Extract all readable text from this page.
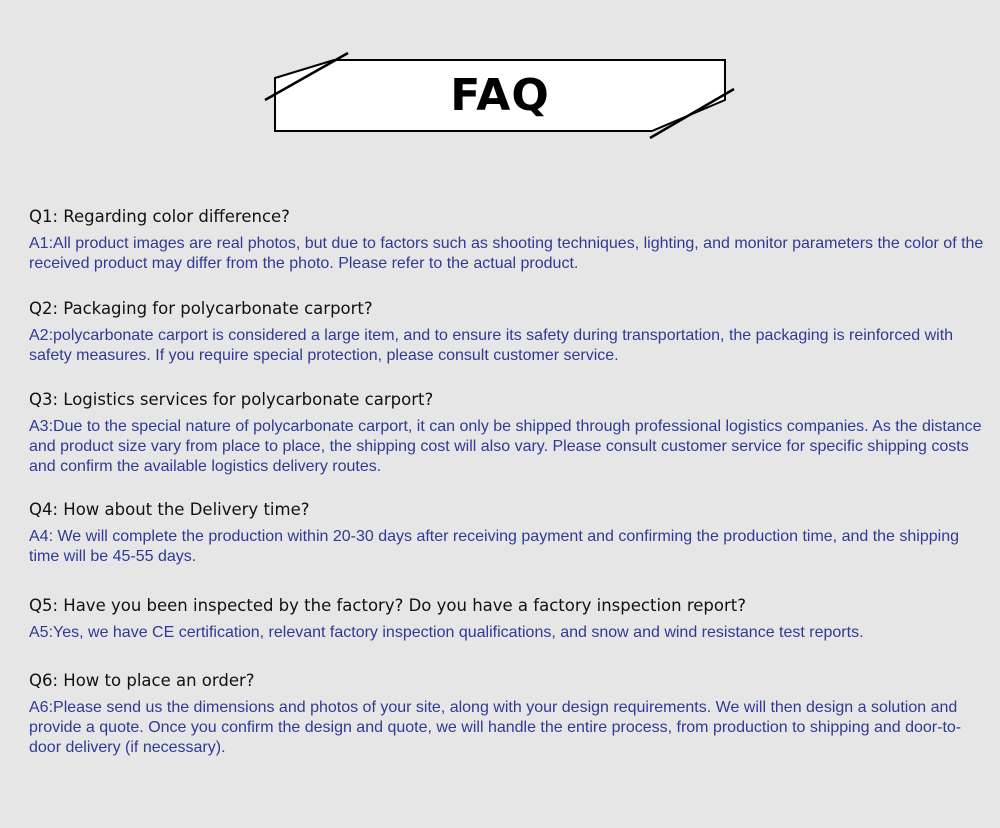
FAQ

Q1: Regarding color difference?

A1:All product images are real photos, but due to factors such as shooting techniques, lighting, and monitor parameters the color of the received product may differ from the photo. Please refer to the actual product.

Q2: Packaging for polycarbonate carport?

A2:polycarbonate carport is considered a large item, and to ensure its safety during transportation, the packaging is reinforced with safety measures. If you require special protection, please consult customer service.

Q3: Logistics services for polycarbonate carport?

A3:Due to the special nature of polycarbonate carport, it can only be shipped through professional logistics companies. As the distance and product size vary from place to place, the shipping cost will also vary. Please consult customer service for specific shipping costs and confirm the available logistics delivery routes.

Q4: How about the Delivery time?

A4: We will complete the production within 20-30 days after receiving payment and confirming the production time, and the shipping time will be 45-55 days.

Q5: Have you been inspected by the factory? Do you have a factory inspection report?

A5:Yes, we have CE certification, relevant factory inspection qualifications, and snow and wind resistance test reports.

Q6: How to place an order?

A6:Please send us the dimensions and photos of your site, along with your design requirements. We will then design a solution and provide a quote. Once you confirm the design and quote, we will handle the entire process, from production to shipping and door-to-door delivery (if necessary).
